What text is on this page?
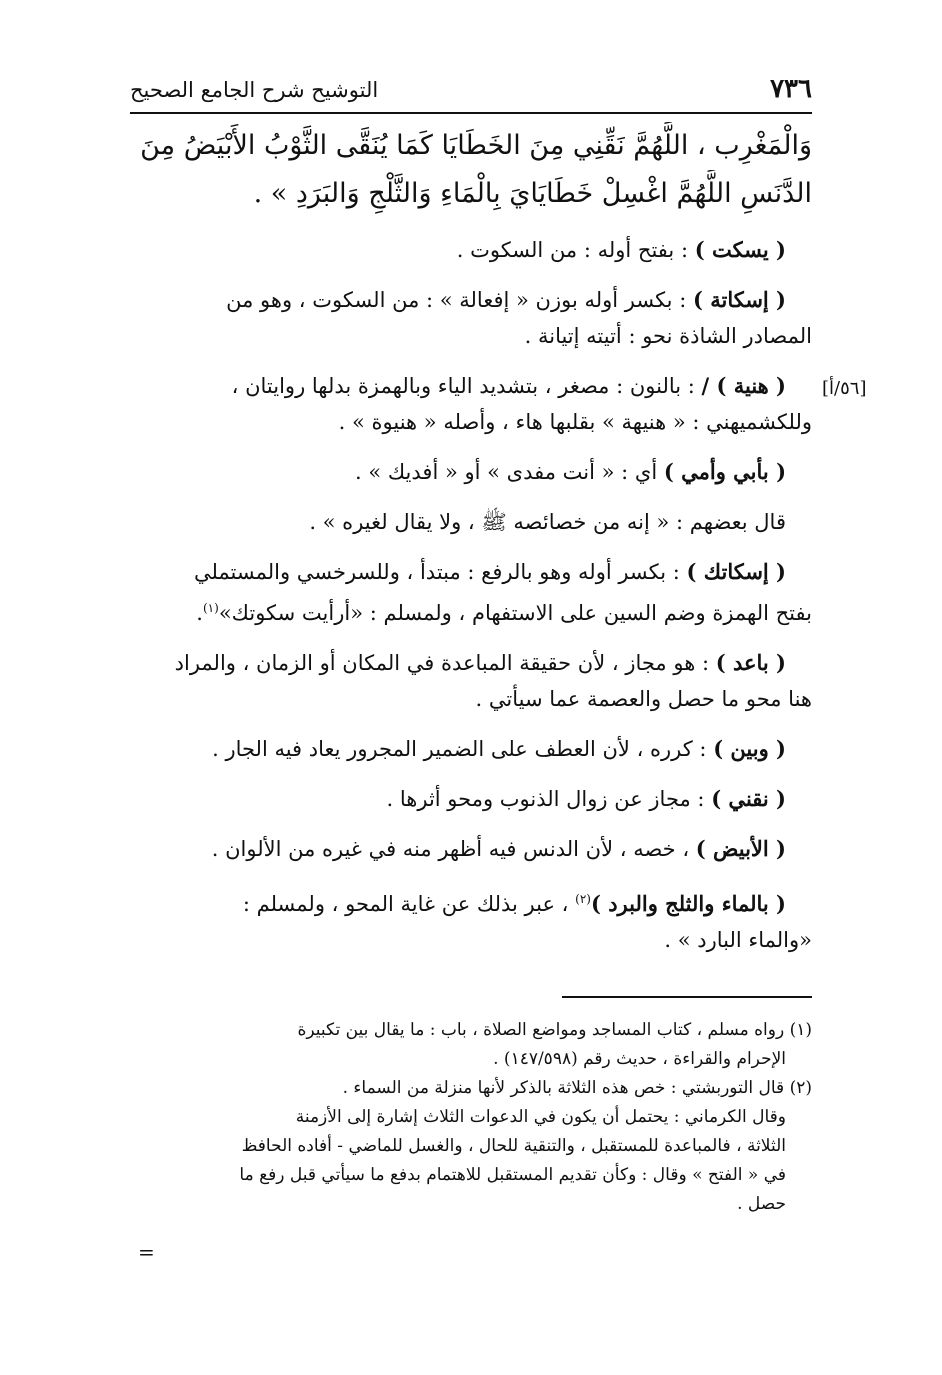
٧٣٦
التوشيح شرح الجامع الصحيح
[٥٦/أ]
وَالْمَغْرِب ، اللَّهُمَّ نَقِّنِي مِنَ الخَطَايَا كَمَا يُنَقَّى الثَّوْبُ الأَبْيَضُ مِنَ
الدَّنَسِ اللَّهُمَّ اغْسِلْ خَطَايَايَ بِالْمَاءِ وَالثَّلْجِ وَالبَرَدِ » .
( يسكت ) : بفتح أوله : من السكوت .
( إسكاتة ) : بكسر أوله بوزن « إفعالة » : من السكوت ، وهو من
المصادر الشاذة نحو : أتيته إتيانة .
( هنية ) / : بالنون : مصغر ، بتشديد الياء وبالهمزة بدلها روايتان ،
وللكشميهني : « هنيهة » بقلبها هاء ، وأصله « هنيوة » .
( بأبي وأمي ) أي : « أنت مفدى » أو « أفديك » .
قال بعضهم : « إنه من خصائصه ﷺ ، ولا يقال لغيره » .
( إسكاتك ) : بكسر أوله وهو بالرفع : مبتدأ ، وللسرخسي والمستملي
بفتح الهمزة وضم السين على الاستفهام ، ولمسلم : «أرأيت سكوتك»$^{(١)}$.
( باعد ) : هو مجاز ، لأن حقيقة المباعدة في المكان أو الزمان ، والمراد
هنا محو ما حصل والعصمة عما سيأتي .
( وبين ) : كرره ، لأن العطف على الضمير المجرور يعاد فيه الجار .
( نقني ) : مجاز عن زوال الذنوب ومحو أثرها .
( الأبيض ) ، خصه ، لأن الدنس فيه أظهر منه في غيره من الألوان .
( بالماء والثلج والبرد )$^{(٢)}$ ، عبر بذلك عن غاية المحو ، ولمسلم :
«والماء البارد » .
(١) رواه مسلم ، كتاب المساجد ومواضع الصلاة ، باب : ما يقال بين تكبيرة
الإحرام والقراءة ، حديث رقم (١٤٧/٥٩٨) .
(٢) قال التوربشتي : خص هذه الثلاثة بالذكر لأنها منزلة من السماء .
وقال الكرماني : يحتمل أن يكون في الدعوات الثلاث إشارة إلى الأزمنة
الثلاثة ، فالمباعدة للمستقبل ، والتنقية للحال ، والغسل للماضي - أفاده الحافظ
في « الفتح » وقال : وكأن تقديم المستقبل للاهتمام بدفع ما سيأتي قبل رفع ما
حصل .
=
